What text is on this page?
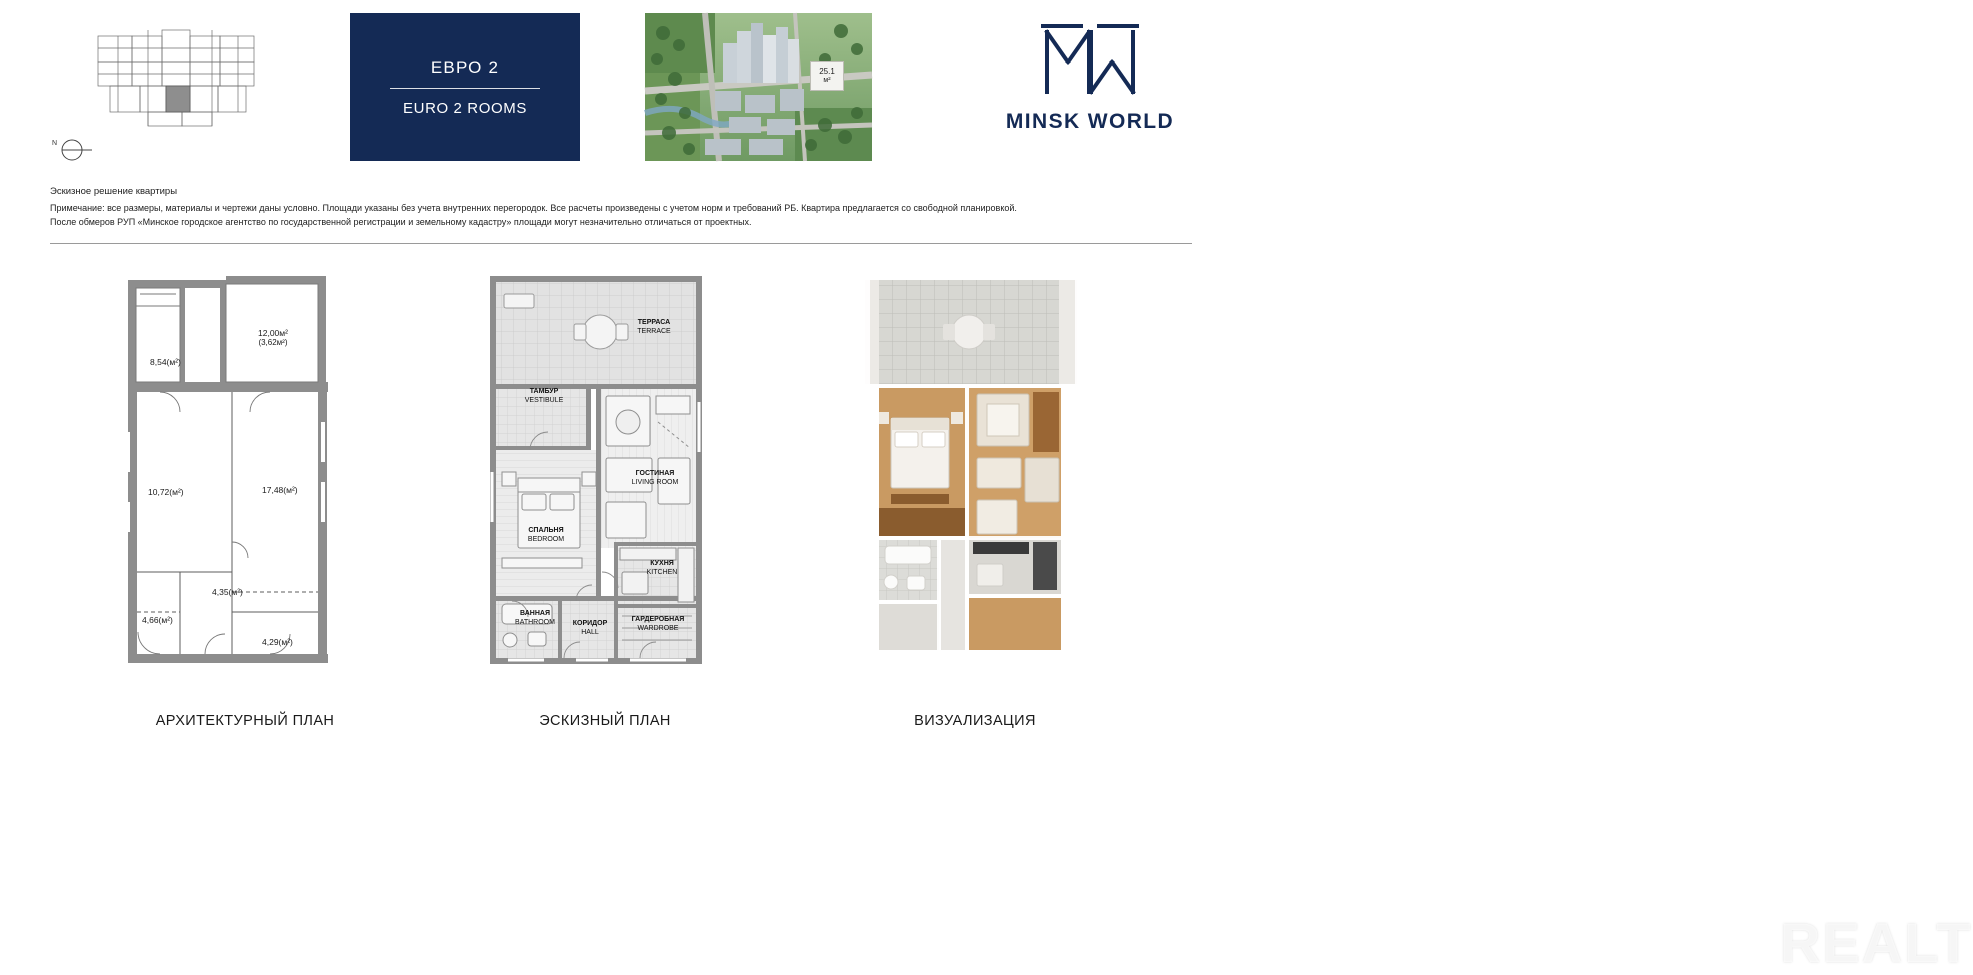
N
ЕВРО 2
EURO 2 ROOMS
25.1
м²
MINSK WORLD
Эскизное решение квартиры
Примечание: все размеры, материалы и чертежи даны условно. Площади указаны без учета внутренних перегородок. Все расчеты произведены с учетом норм и требований РБ. Квартира предлагается со свободной планировкой.
После обмеров РУП «Минское городское агентство по государственной регистрации и земельному кадастру» площади могут незначительно отличаться от проектных.
12,00м²
(3,62м²)
8,54(м²)
10,72(м²)	17,48(м²)
4,35(м²)
4,66(м²)
4,29(м²)
ТЕРРАСА
TERRACE
ТАМБУР
VESTIBULE
ГОСТИНАЯ
LIVING ROOM
СПАЛЬНЯ
BEDROOM
КУХНЯ
KITCHEN
ВАННАЯ
BATHROOM	КОРИДОР
HALL
ГАРДЕРОБНАЯ
WARDROBE
REALT
АРХИТЕКТУРНЫЙ ПЛАН	ЭСКИЗНЫЙ ПЛАН	ВИЗУАЛИЗАЦИЯ
